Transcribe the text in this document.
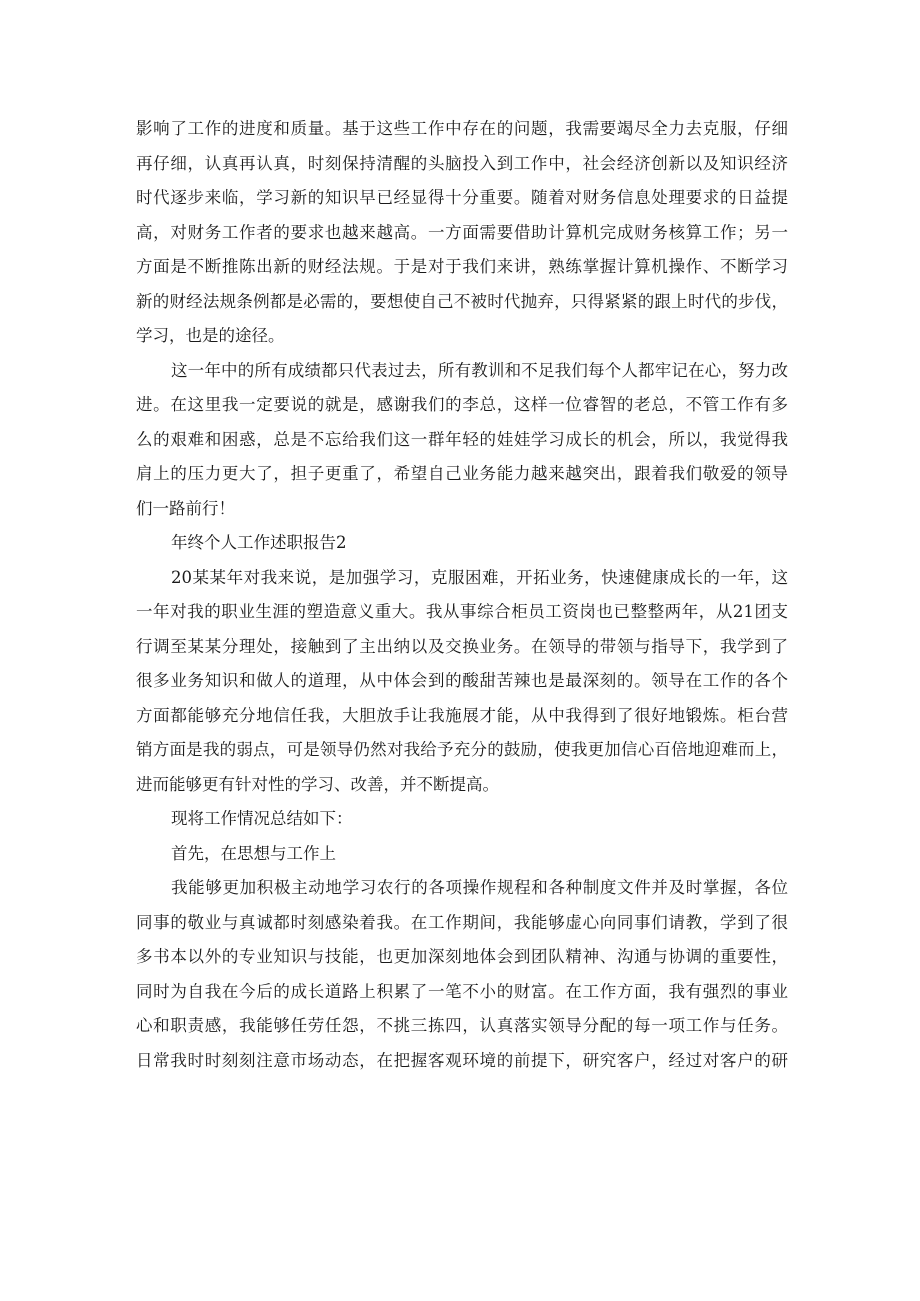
影响了工作的进度和质量。基于这些工作中存在的问题，我需要竭尽全力去克服，仔细
再仔细，认真再认真，时刻保持清醒的头脑投入到工作中，社会经济创新以及知识经济
时代逐步来临，学习新的知识早已经显得十分重要。随着对财务信息处理要求的日益提
高，对财务工作者的要求也越来越高。一方面需要借助计算机完成财务核算工作；另一
方面是不断推陈出新的财经法规。于是对于我们来讲，熟练掌握计算机操作、不断学习
新的财经法规条例都是必需的，要想使自己不被时代抛弃，只得紧紧的跟上时代的步伐，
学习，也是的途径。
这一年中的所有成绩都只代表过去，所有教训和不足我们每个人都牢记在心，努力改
进。在这里我一定要说的就是，感谢我们的李总，这样一位睿智的老总，不管工作有多
么的艰难和困惑，总是不忘给我们这一群年轻的娃娃学习成长的机会，所以，我觉得我
肩上的压力更大了，担子更重了，希望自己业务能力越来越突出，跟着我们敬爱的领导
们一路前行！
年终个人工作述职报告2
20某某年对我来说，是加强学习，克服困难，开拓业务，快速健康成长的一年，这
一年对我的职业生涯的塑造意义重大。我从事综合柜员工资岗也已整整两年，从21团支
行调至某某分理处，接触到了主出纳以及交换业务。在领导的带领与指导下，我学到了
很多业务知识和做人的道理，从中体会到的酸甜苦辣也是最深刻的。领导在工作的各个
方面都能够充分地信任我，大胆放手让我施展才能，从中我得到了很好地锻炼。柜台营
销方面是我的弱点，可是领导仍然对我给予充分的鼓励，使我更加信心百倍地迎难而上，
进而能够更有针对性的学习、改善，并不断提高。
现将工作情况总结如下：
首先，在思想与工作上
我能够更加积极主动地学习农行的各项操作规程和各种制度文件并及时掌握，各位
同事的敬业与真诚都时刻感染着我。在工作期间，我能够虚心向同事们请教，学到了很
多书本以外的专业知识与技能，也更加深刻地体会到团队精神、沟通与协调的重要性，
同时为自我在今后的成长道路上积累了一笔不小的财富。在工作方面，我有强烈的事业
心和职责感，我能够任劳任怨，不挑三拣四，认真落实领导分配的每一项工作与任务。
日常我时时刻刻注意市场动态，在把握客观环境的前提下，研究客户，经过对客户的研
